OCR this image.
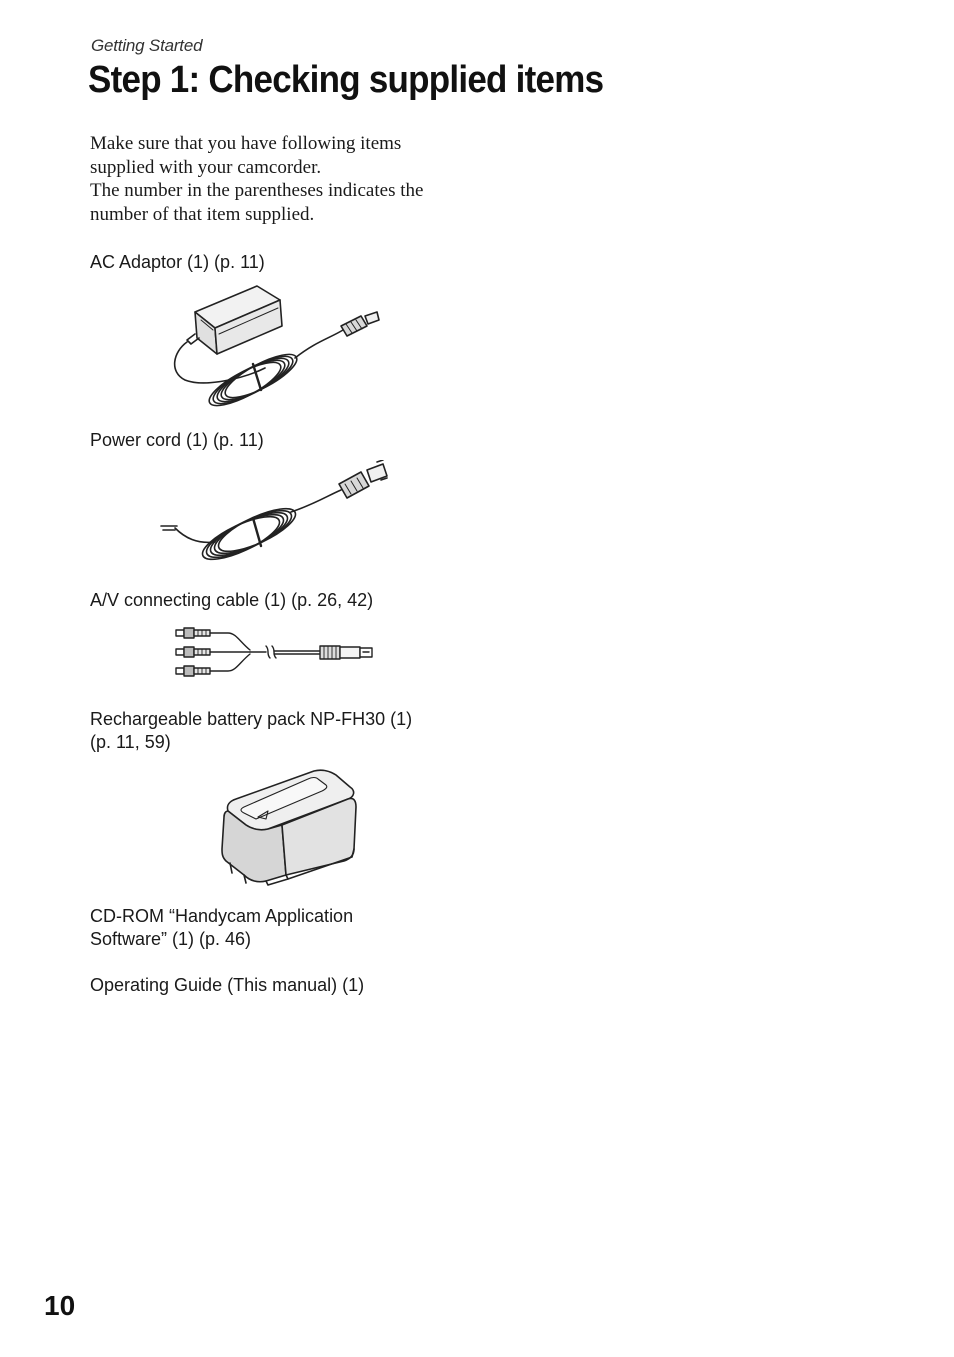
Getting Started
Step 1: Checking supplied items

Make sure that you have following items
supplied with your camcorder.
The number in the parentheses indicates the
number of that item supplied.

AC Adaptor (1) (p. 11)

Power cord (1) (p. 11)

A/V connecting cable (1) (p. 26, 42)

Rechargeable battery pack NP-FH30 (1)
(p. 11, 59)

CD-ROM “Handycam Application
Software” (1) (p. 46)

Operating Guide (This manual) (1)

10
